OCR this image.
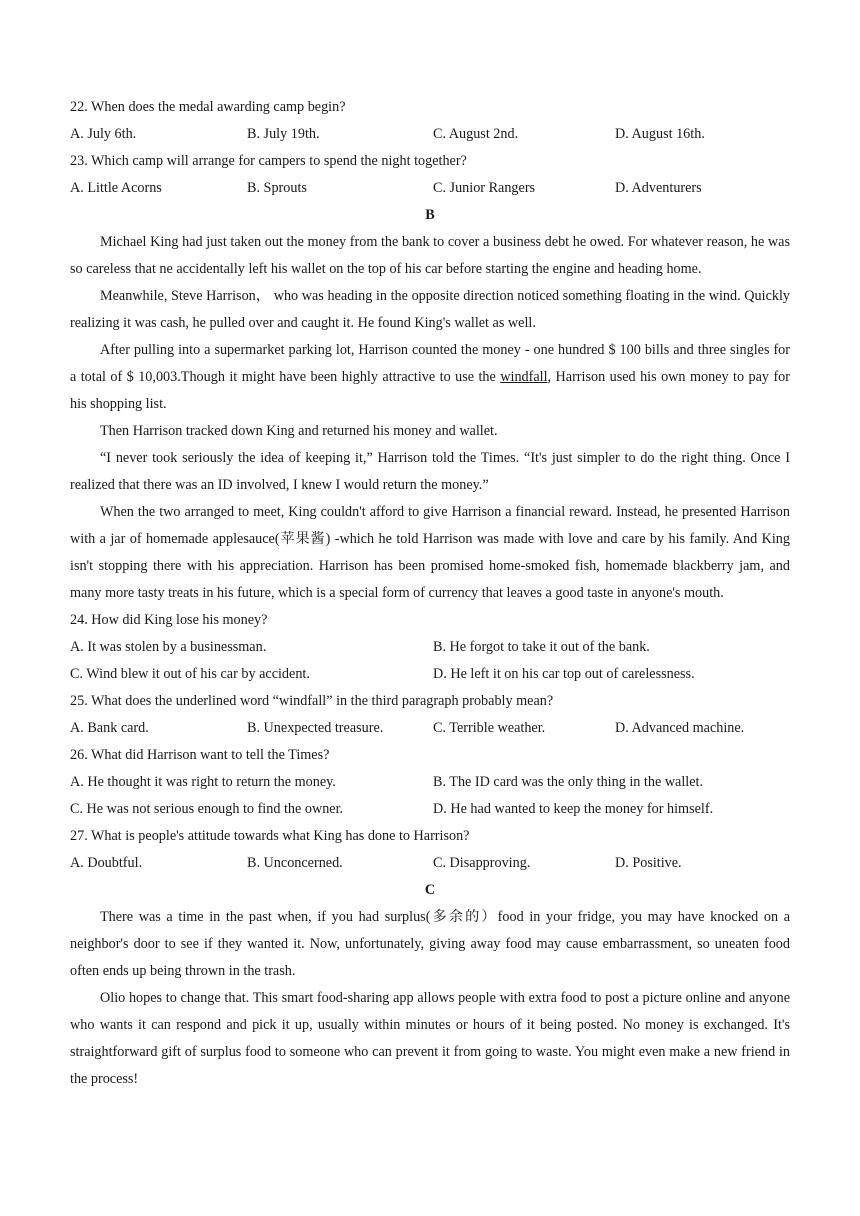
22. When does the medal awarding camp begin?
A. July 6th.	B. July 19th.	C. August 2nd.	D. August 16th.
23. Which camp will arrange for campers to spend the night together?
A. Little Acorns	B. Sprouts	C. Junior Rangers	D. Adventurers
B

Michael King had just taken out the money from the bank to cover a business debt he owed. For whatever reason, he was so careless that ne accidentally left his wallet on the top of his car before starting the engine and heading home.

Meanwhile, Steve Harrison， who was heading in the opposite direction noticed something floating in the wind. Quickly realizing it was cash, he pulled over and caught it. He found King's wallet as well.

After pulling into a supermarket parking lot, Harrison counted the money - one hundred $ 100 bills and three singles for a total of $ 10,003.Though it might have been highly attractive to use the windfall, Harrison used his own money to pay for his shopping list.

Then Harrison tracked down King and returned his money and wallet.

“I never took seriously the idea of keeping it,” Harrison told the Times. “It's just simpler to do the right thing. Once I realized that there was an ID involved, I knew I would return the money.”

When the two arranged to meet, King couldn't afford to give Harrison a financial reward. Instead, he presented Harrison with a jar of homemade applesauce(苹果酱) -which he told Harrison was made with love and care by his family. And King isn't stopping there with his appreciation. Harrison has been promised home-smoked fish, homemade blackberry jam, and many more tasty treats in his future, which is a special form of currency that leaves a good taste in anyone's mouth.

24. How did King lose his money?
A. It was stolen by a businessman.	B. He forgot to take it out of the bank.
C. Wind blew it out of his car by accident.	D. He left it on his car top out of carelessness.
25. What does the underlined word “windfall” in the third paragraph probably mean?
A. Bank card.	B. Unexpected treasure.	C. Terrible weather.	D. Advanced machine.
26. What did Harrison want to tell the Times?
A. He thought it was right to return the money.	B. The ID card was the only thing in the wallet.
C. He was not serious enough to find the owner.	D. He had wanted to keep the money for himself.
27. What is people's attitude towards what King has done to Harrison?
A. Doubtful.	B. Unconcerned.	C. Disapproving.	D. Positive.
C

There was a time in the past when, if you had surplus(多余的）food in your fridge, you may have knocked on a neighbor's door to see if they wanted it. Now, unfortunately, giving away food may cause embarrassment, so uneaten food often ends up being thrown in the trash.

Olio hopes to change that. This smart food-sharing app allows people with extra food to post a picture online and anyone who wants it can respond and pick it up, usually within minutes or hours of it being posted. No money is exchanged. It's straightforward gift of surplus food to someone who can prevent it from going to waste. You might even make a new friend in the process!
